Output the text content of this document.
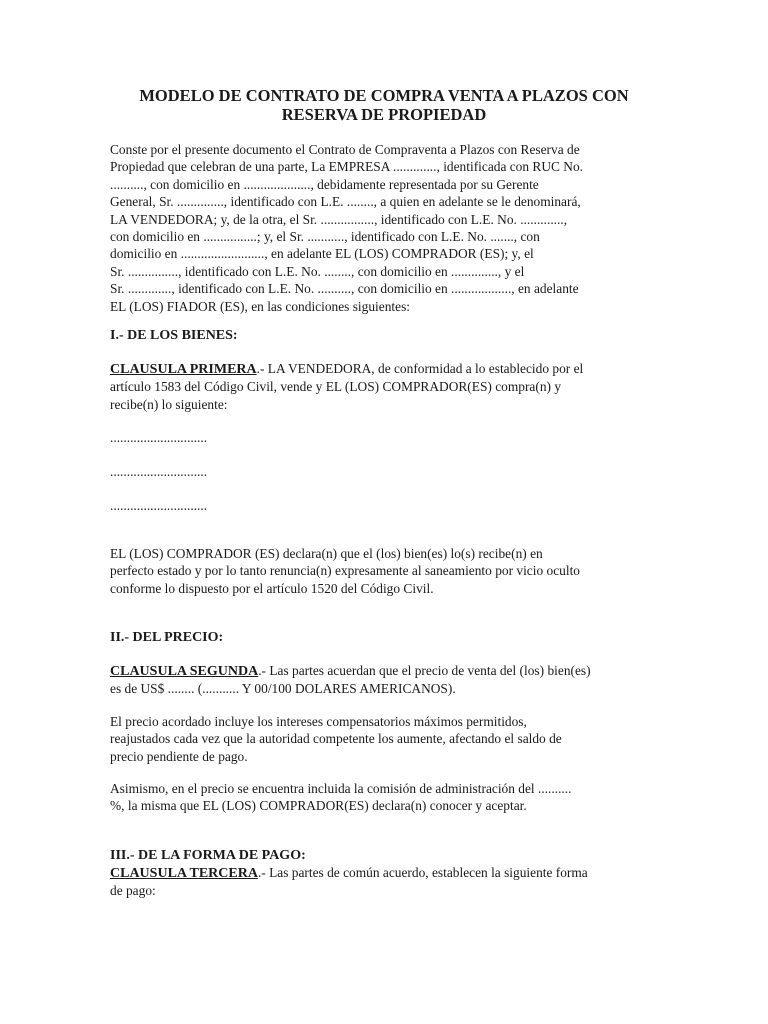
MODELO DE CONTRATO DE COMPRA VENTA A PLAZOS CON
RESERVA DE PROPIEDAD
Conste por el presente documento el Contrato de Compraventa a Plazos con Reserva de
Propiedad que celebran de una parte, La EMPRESA ............., identificada con RUC No.
.........., con domicilio en ...................., debidamente representada por su Gerente
General, Sr. .............., identificado con L.E. ........, a quien en adelante se le denominará,
LA VENDEDORA; y, de la otra, el Sr. ................, identificado con L.E. No. .............,
con domicilio en ................; y, el Sr. ..........., identificado con L.E. No. ......., con
domicilio en ........................., en adelante EL (LOS) COMPRADOR (ES); y, el
Sr. ..............., identificado con L.E. No. ........, con domicilio en .............., y el
Sr. ............., identificado con L.E. No. .........., con domicilio en .................., en adelante
EL (LOS) FIADOR (ES), en las condiciones siguientes:
I.- DE LOS BIENES:
CLAUSULA PRIMERA.- LA VENDEDORA, de conformidad a lo establecido por el
artículo 1583 del Código Civil, vende y EL (LOS) COMPRADOR(ES) compra(n) y
recibe(n) lo siguiente:
.............................
.............................
.............................
EL (LOS) COMPRADOR (ES) declara(n) que el (los) bien(es) lo(s) recibe(n) en
perfecto estado y por lo tanto renuncia(n) expresamente al saneamiento por vicio oculto
conforme lo dispuesto por el artículo 1520 del Código Civil.
II.- DEL PRECIO:
CLAUSULA SEGUNDA.- Las partes acuerdan que el precio de venta del (los) bien(es)
es de US$ ........ (........... Y 00/100 DOLARES AMERICANOS).
El precio acordado incluye los intereses compensatorios máximos permitidos,
reajustados cada vez que la autoridad competente los aumente, afectando el saldo de
precio pendiente de pago.
Asimismo, en el precio se encuentra incluida la comisión de administración del ..........
%, la misma que EL (LOS) COMPRADOR(ES) declara(n) conocer y aceptar.
III.- DE LA FORMA DE PAGO:
CLAUSULA TERCERA.- Las partes de común acuerdo, establecen la siguiente forma
de pago:
